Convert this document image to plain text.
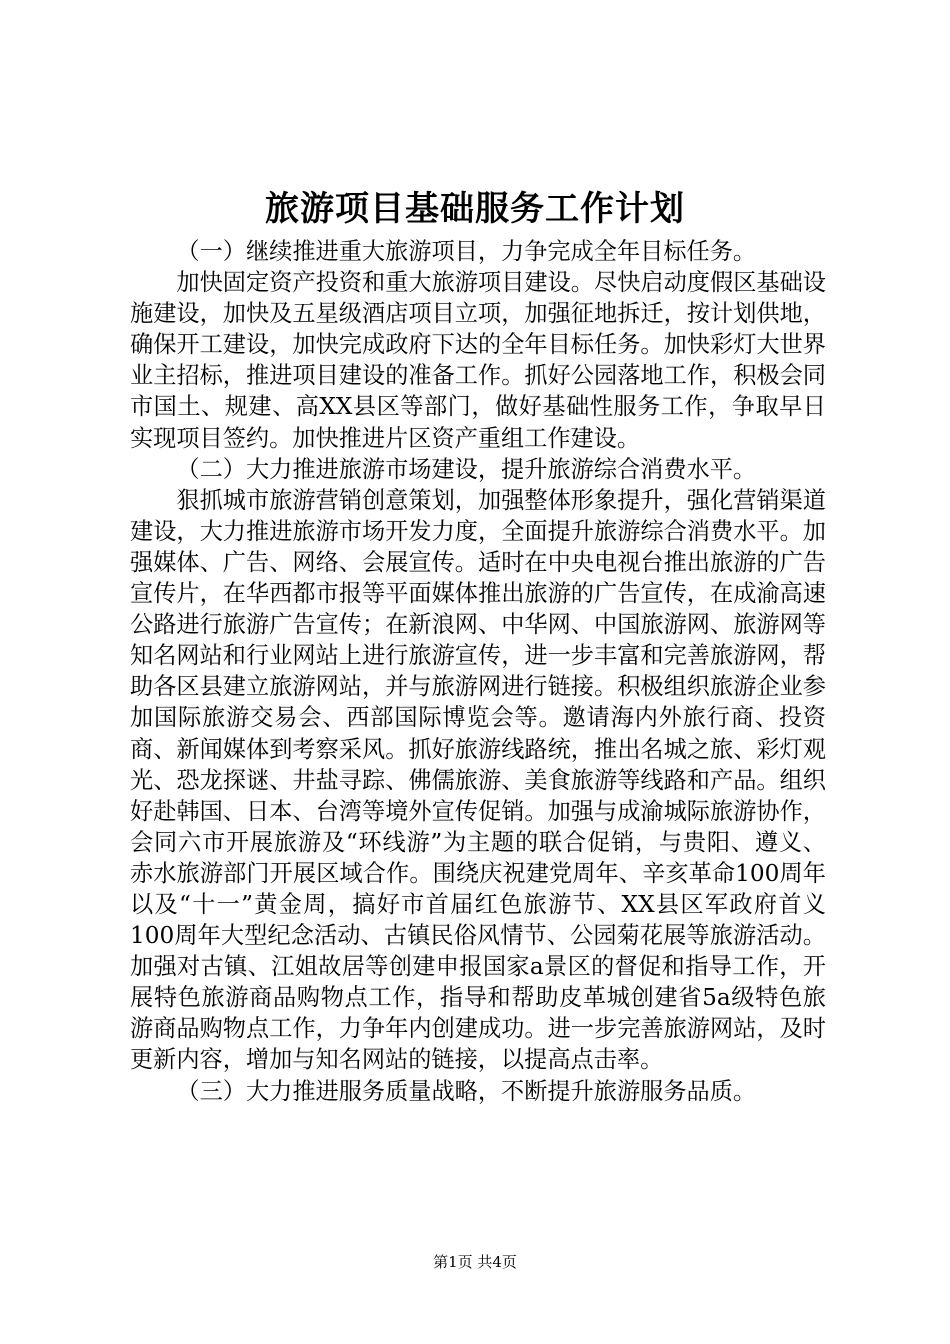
旅游项目基础服务工作计划

（一）继续推进重大旅游项目，力争完成全年目标任务。

加快固定资产投资和重大旅游项目建设。尽快启动度假区基础设施建设，加快及五星级酒店项目立项，加强征地拆迁，按计划供地，确保开工建设，加快完成政府下达的全年目标任务。加快彩灯大世界业主招标，推进项目建设的准备工作。抓好公园落地工作，积极会同市国土、规建、高XX县区等部门，做好基础性服务工作，争取早日实现项目签约。加快推进片区资产重组工作建设。

（二）大力推进旅游市场建设，提升旅游综合消费水平。

狠抓城市旅游营销创意策划，加强整体形象提升，强化营销渠道建设，大力推进旅游市场开发力度，全面提升旅游综合消费水平。加强媒体、广告、网络、会展宣传。适时在中央电视台推出旅游的广告宣传片，在华西都市报等平面媒体推出旅游的广告宣传，在成渝高速公路进行旅游广告宣传；在新浪网、中华网、中国旅游网、旅游网等知名网站和行业网站上进行旅游宣传，进一步丰富和完善旅游网，帮助各区县建立旅游网站，并与旅游网进行链接。积极组织旅游企业参加国际旅游交易会、西部国际博览会等。邀请海内外旅行商、投资商、新闻媒体到考察采风。抓好旅游线路统，推出名城之旅、彩灯观光、恐龙探谜、井盐寻踪、佛儒旅游、美食旅游等线路和产品。组织好赴韩国、日本、台湾等境外宣传促销。加强与成渝城际旅游协作，会同六市开展旅游及“环线游”为主题的联合促销，与贵阳、遵义、赤水旅游部门开展区域合作。围绕庆祝建党周年、辛亥革命100周年以及“十一”黄金周，搞好市首届红色旅游节、XX县区军政府首义100周年大型纪念活动、古镇民俗风情节、公园菊花展等旅游活动。加强对古镇、江姐故居等创建申报国家a景区的督促和指导工作，开展特色旅游商品购物点工作，指导和帮助皮革城创建省5a级特色旅游商品购物点工作，力争年内创建成功。进一步完善旅游网站，及时更新内容，增加与知名网站的链接，以提高点击率。

（三）大力推进服务质量战略，不断提升旅游服务品质。

第1页 共4页
